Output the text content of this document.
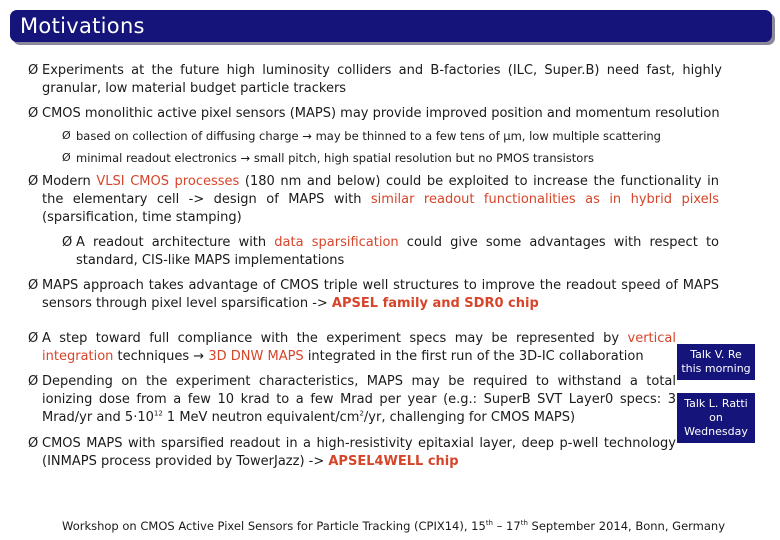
Motivations
Ø Experiments at the future high luminosity colliders and B-factories (ILC, Super.B) need fast, highly granular, low material budget particle trackers
Ø CMOS monolithic active pixel sensors (MAPS) may provide improved position and momentum resolution
Ø based on collection of diffusing charge → may be thinned to a few tens of µm, low multiple scattering
Ø minimal readout electronics → small pitch, high spatial resolution but no PMOS transistors
Ø Modern VLSI CMOS processes (180 nm and below) could be exploited to increase the functionality in the elementary cell -> design of MAPS with similar readout functionalities as in hybrid pixels (sparsification, time stamping)
Ø A readout architecture with data sparsification could give some advantages with respect to standard, CIS-like MAPS implementations
Ø MAPS approach takes advantage of CMOS triple well structures to improve the readout speed of MAPS sensors through pixel level sparsification -> APSEL family and SDR0 chip
Ø A step toward full compliance with the experiment specs may be represented by vertical integration techniques → 3D DNW MAPS integrated in the first run of the 3D-IC collaboration
Ø Depending on the experiment characteristics, MAPS may be required to withstand a total ionizing dose from a few 10 krad to a few Mrad per year (e.g.: SuperB SVT Layer0 specs: 3 Mrad/yr and $5\cdot 10^{12}$ 1 MeV neutron equivalent/$cm^2/yr$, challenging for CMOS MAPS)
Ø CMOS MAPS with sparsified readout in a high-resistivity epitaxial layer, deep p-well technology (INMAPS process provided by TowerJazz) -> APSEL4WELL chip
Talk V. Re
this morning
Talk L. Ratti
on
Wednesday
Workshop on CMOS Active Pixel Sensors for Particle Tracking (CPIX14), 15th – 17th September 2014, Bonn, Germany
